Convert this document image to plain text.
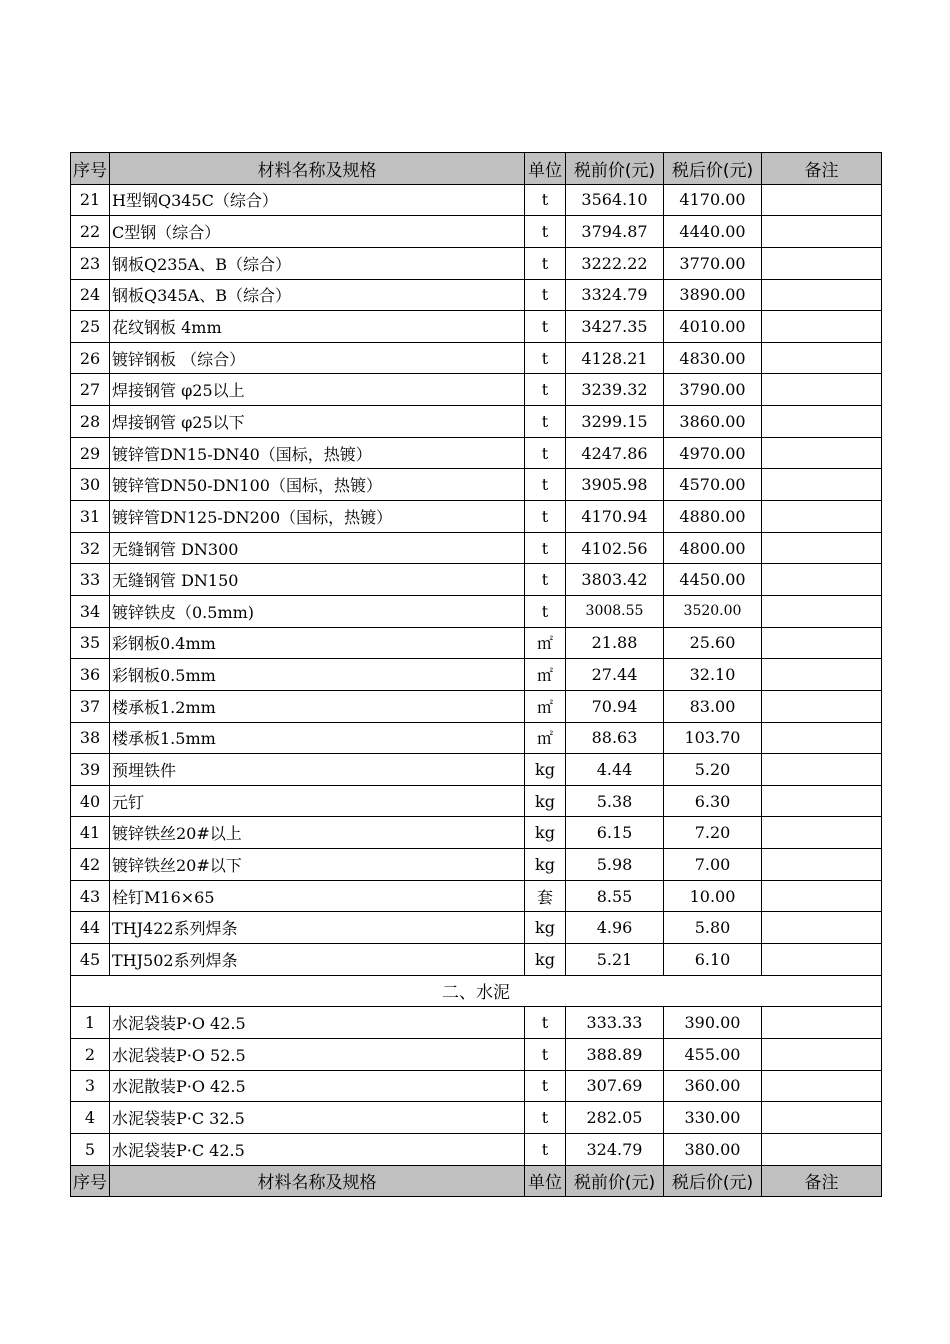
序号	材料名称及规格	单位	税前价(元)	税后价(元)	备注
21	H型钢Q345C（综合）	t	3564.10	4170.00	
22	C型钢（综合）	t	3794.87	4440.00	
23	钢板Q235A、B（综合）	t	3222.22	3770.00	
24	钢板Q345A、B（综合）	t	3324.79	3890.00	
25	花纹钢板 4mm	t	3427.35	4010.00	
26	镀锌钢板 （综合）	t	4128.21	4830.00	
27	焊接钢管 φ25以上	t	3239.32	3790.00	
28	焊接钢管 φ25以下	t	3299.15	3860.00	
29	镀锌管DN15-DN40（国标，热镀）	t	4247.86	4970.00	
30	镀锌管DN50-DN100（国标，热镀）	t	3905.98	4570.00	
31	镀锌管DN125-DN200（国标，热镀）	t	4170.94	4880.00	
32	无缝钢管 DN300	t	4102.56	4800.00	
33	无缝钢管 DN150	t	3803.42	4450.00	
34	镀锌铁皮（0.5mm)	t	3008.55	3520.00	
35	彩钢板0.4mm	㎡	21.88	25.60	
36	彩钢板0.5mm	㎡	27.44	32.10	
37	楼承板1.2mm	㎡	70.94	83.00	
38	楼承板1.5mm	㎡	88.63	103.70	
39	预埋铁件	kg	4.44	5.20	
40	元钉	kg	5.38	6.30	
41	镀锌铁丝20#以上	kg	6.15	7.20	
42	镀锌铁丝20#以下	kg	5.98	7.00	
43	栓钉M16×65	套	8.55	10.00	
44	THJ422系列焊条	kg	4.96	5.80	
45	THJ502系列焊条	kg	5.21	6.10	
二、水泥					
1	水泥袋装P·O 42.5	t	333.33	390.00	
2	水泥袋装P·O 52.5	t	388.89	455.00	
3	水泥散装P·O 42.5	t	307.69	360.00	
4	水泥袋装P·C 32.5	t	282.05	330.00	
5	水泥袋装P·C 42.5	t	324.79	380.00	
序号	材料名称及规格	单位	税前价(元)	税后价(元)	备注
